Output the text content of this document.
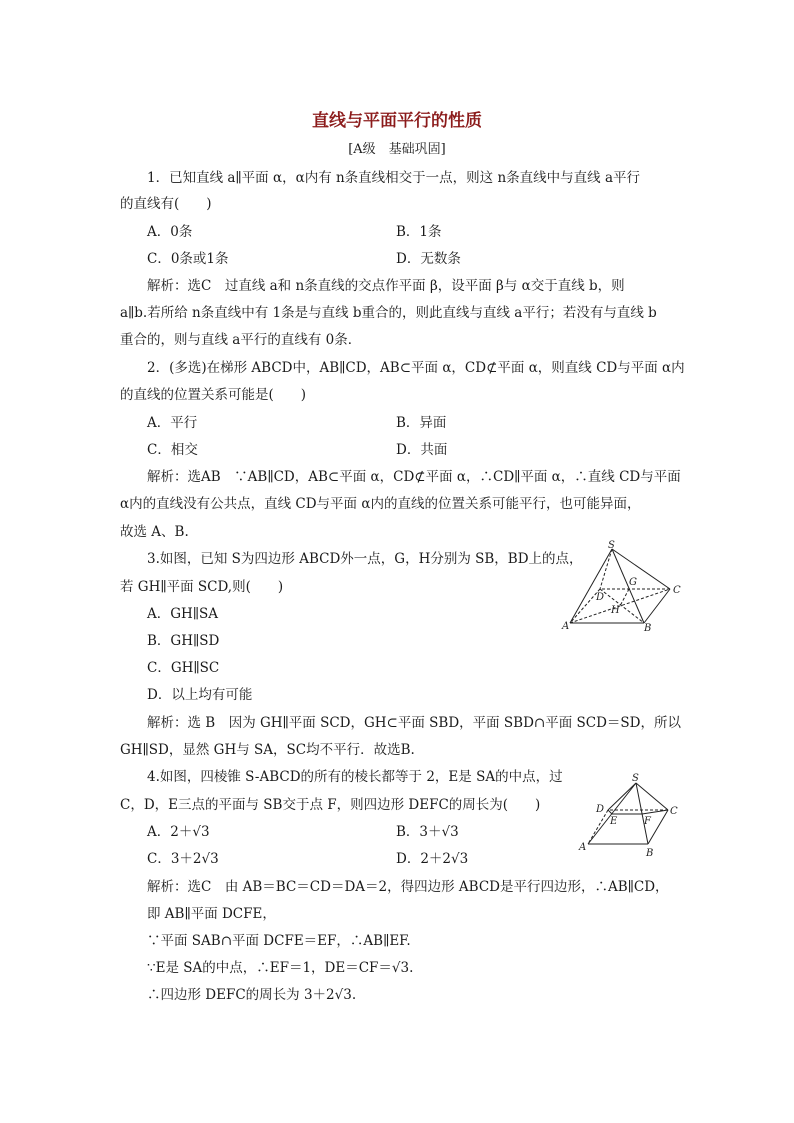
直线与平面平行的性质
[A级　基础巩固]
1．已知直线 a∥平面 α，α内有 n条直线相交于一点，则这 n条直线中与直线 a平行
的直线有(　　)
A．0条	B．1条
C．0条或1条	D．无数条
解析：选C　过直线 a和 n条直线的交点作平面 β，设平面 β与 α交于直线 b，则
a∥b.若所给 n条直线中有 1条是与直线 b重合的，则此直线与直线 a平行；若没有与直线 b
重合的，则与直线 a平行的直线有 0条．
2．(多选)在梯形 ABCD中，AB∥CD，AB⊂平面 α，CD⊄平面 α，则直线 CD与平面 α内
的直线的位置关系可能是(　　)
A．平行	B．异面
C．相交	D．共面
解析：选AB　∵AB∥CD，AB⊂平面 α，CD⊄平面 α，∴CD∥平面 α，∴直线 CD与平面
α内的直线没有公共点，直线 CD与平面 α内的直线的位置关系可能平行，也可能异面，
故选 A、B.
3.如图，已知 S为四边形 ABCD外一点，G，H分别为 SB，BD上的点，
若 GH∥平面 SCD,则(　　)
A．GH∥SA
B．GH∥SD
C．GH∥SC
D．以上均有可能
解析：选 B　因为 GH∥平面 SCD，GH⊂平面 SBD，平面 SBD∩平面 SCD＝SD，所以
GH∥SD，显然 GH与 SA，SC均不平行．故选B.
S
G
C
D
H
A	B
4.如图，四棱锥 S-ABCD的所有的棱长都等于 2，E是 SA的中点，过
C，D，E三点的平面与 SB交于点 F，则四边形 DEFC的周长为(　　)
A．2＋√3	B．3＋√3
C．3＋2√3	D．2＋2√3
解析：选C　由 AB＝BC＝CD＝DA＝2，得四边形 ABCD是平行四边形，∴AB∥CD，
即 AB∥平面 DCFE，
∵平面 SAB∩平面 DCFE＝EF，∴AB∥EF.
∵E是 SA的中点，∴EF＝1，DE＝CF＝√3.
∴四边形 DEFC的周长为 3＋2√3.
S
D	C
E	F
A
B
